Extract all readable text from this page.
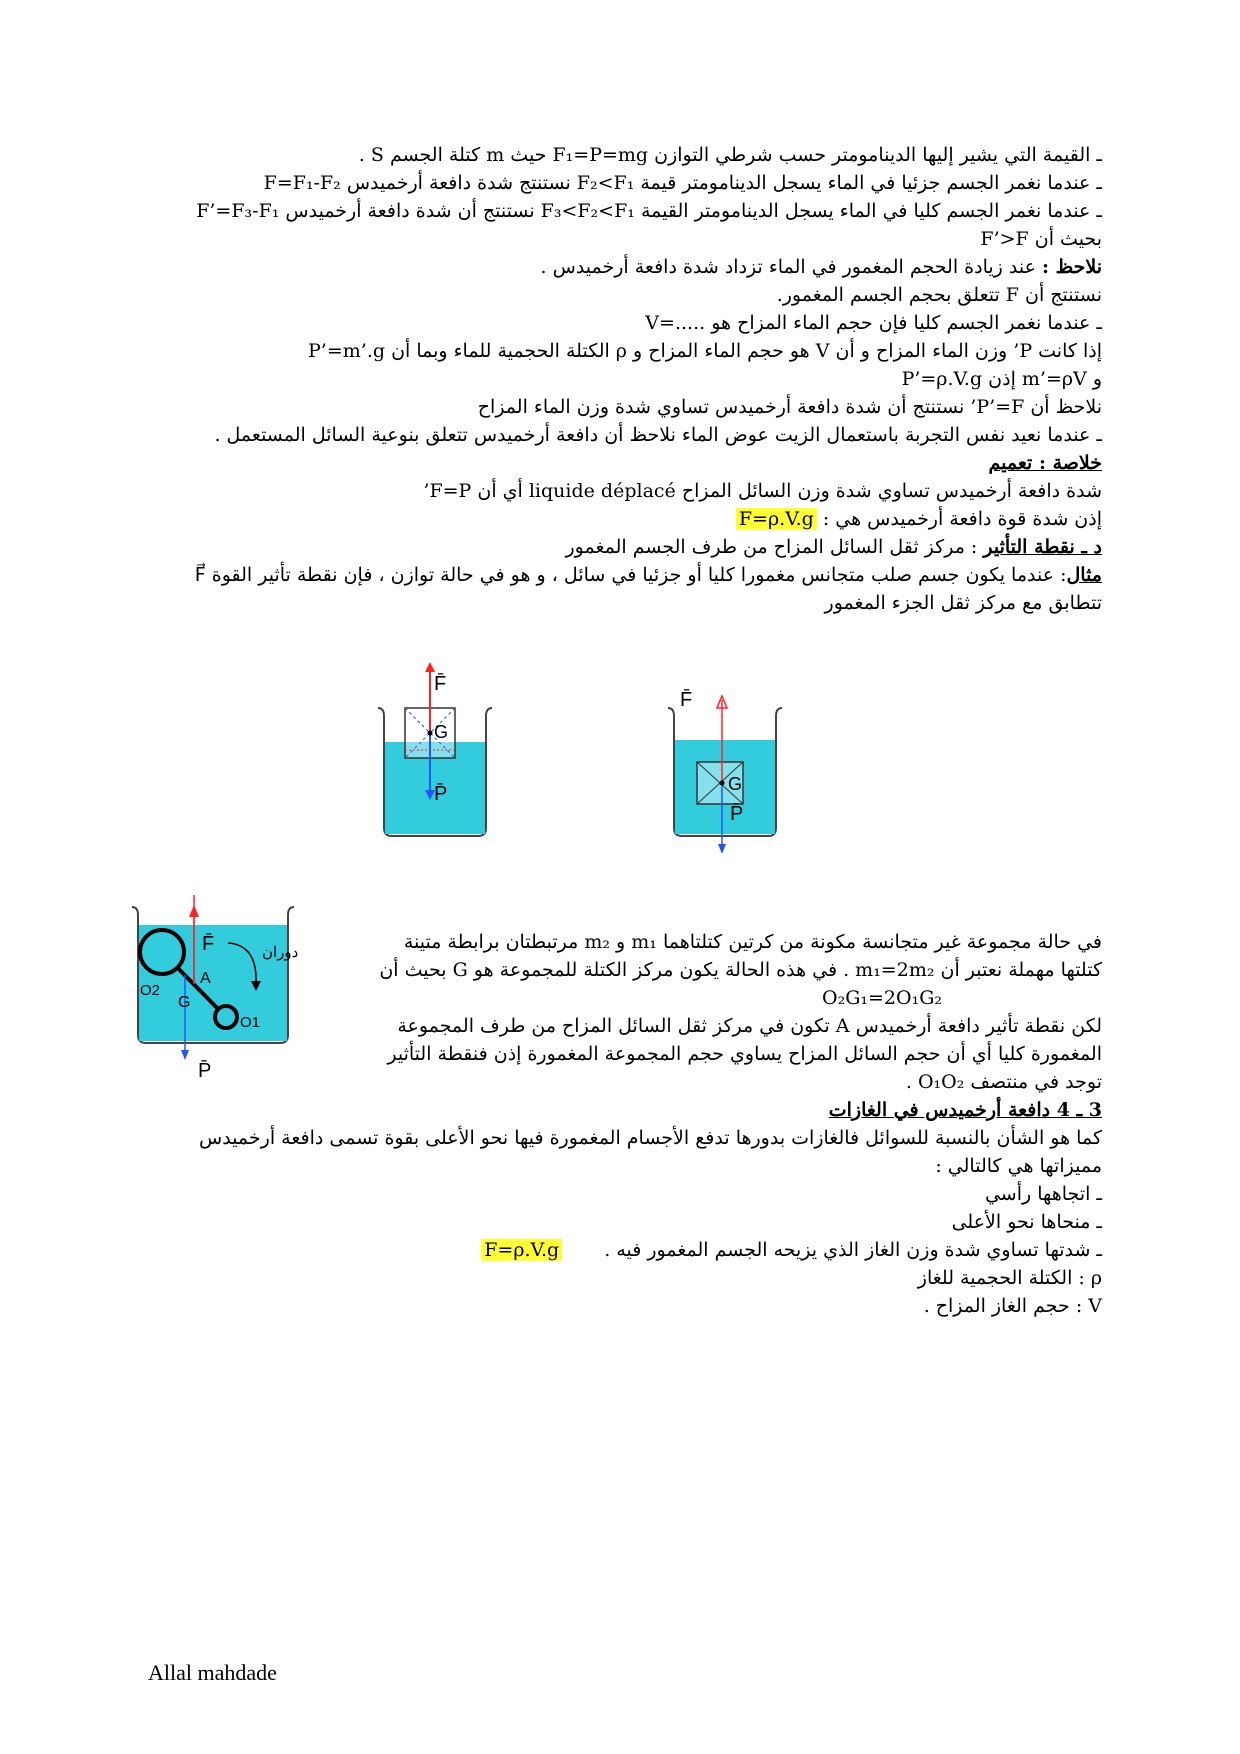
ـ القيمة التي يشير إليها الدينامومتر حسب شرطي التوازن F₁=P=mg حيث m كتلة الجسم S .
ـ عندما نغمر الجسم جزئيا في الماء يسجل الدينامومتر قيمة F₂<F₁ نستنتج شدة دافعة أرخميدس F=F₁-F₂
ـ عندما نغمر الجسم كليا في الماء يسجل الدينامومتر القيمة F₃<F₂<F₁ نستنتج أن شدة دافعة أرخميدس F’=F₃-F₁
بحيث أن F’>F
نلاحظ : عند زيادة الحجم المغمور في الماء تزداد شدة دافعة أرخميدس .
نستنتج أن F تتعلق بحجم الجسم المغمور.
ـ عندما نغمر الجسم كليا فإن حجم الماء المزاح هو .....=V
إذا كانت P’ وزن الماء المزاح و أن V هو حجم الماء المزاح و ρ الكتلة الحجمية للماء وبما أن P’=m’.g
و m’=ρV إذن P’=ρ.V.g
نلاحظ أن P’=F’ نستنتج أن شدة دافعة أرخميدس تساوي شدة وزن الماء المزاح
ـ عندما نعيد نفس التجربة باستعمال الزيت عوض الماء نلاحظ أن دافعة أرخميدس تتعلق بنوعية السائل المستعمل .
خلاصة : تعميم
شدة دافعة أرخميدس تساوي شدة وزن السائل المزاح liquide déplacé أي أن F=P’
إذن شدة قوة دافعة أرخميدس هي : F=ρ.V.g
د ـ نقطة التأثير : مركز ثقل السائل المزاح من طرف الجسم المغمور
مثال: عندما يكون جسم صلب متجانس مغمورا كليا أو جزئيا في سائل ، و هو في حالة توازن ، فإن نقطة تأثير القوة F⃗
تتطابق مع مركز ثقل الجزء المغمور
F̄
G
P̄
F̄
G
P̄
F̄
P̄
دوران
A
G
O1
O2
في حالة مجموعة غير متجانسة مكونة من كرتين كتلتاهما m₁ و m₂ مرتبطتان برابطة متينة
كتلتها مهملة نعتبر أن m₁=2m₂ . في هذه الحالة يكون مركز الكتلة للمجموعة هو G بحيث أن
O₂G₁=2O₁G₂
لكن نقطة تأثير دافعة أرخميدس A تكون في مركز ثقل السائل المزاح من طرف المجموعة
المغمورة كليا أي أن حجم السائل المزاح يساوي حجم المجموعة المغمورة إذن فنقطة التأثير
توجد في منتصف O₁O₂ .
3 ـ 4 دافعة أرخميدس في الغازات
كما هو الشأن بالنسبة للسوائل فالغازات بدورها تدفع الأجسام المغمورة فيها نحو الأعلى بقوة تسمى دافعة أرخميدس
مميزاتها هي كالتالي :
ـ اتجاهها رأسي
ـ منحاها نحو الأعلى
ـ شدتها تساوي شدة وزن الغاز الذي يزيحه الجسم المغمور فيه .  F=ρ.V.g
ρ : الكتلة الحجمية للغاز
V : حجم الغاز المزاح .
Allal mahdade
